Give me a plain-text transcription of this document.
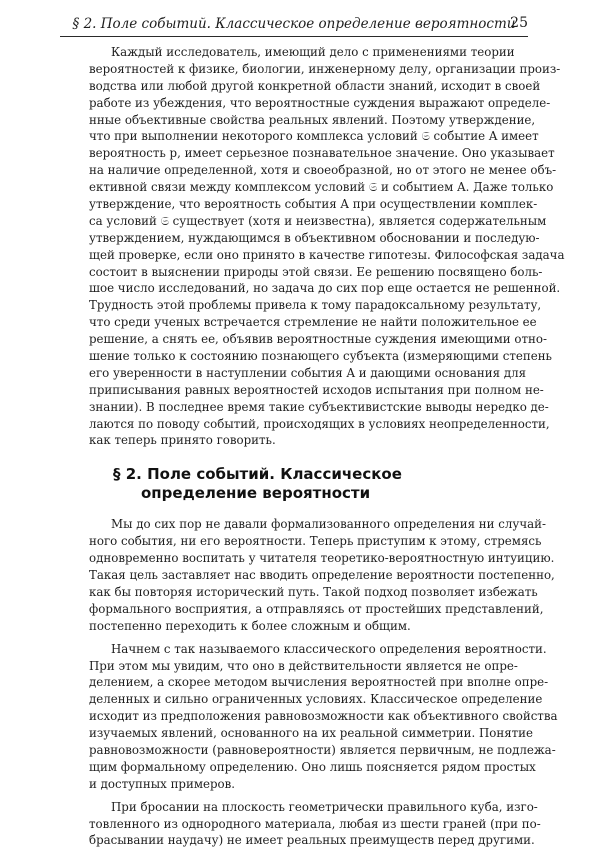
§ 2. Поле событий. Классическое определение вероятности
25

Каждый исследователь, имеющий дело с применениями теории
вероятностей к физике, биологии, инженерному делу, организации произ-
водства или любой другой конкретной области знаний, исходит в своей
работе из убеждения, что вероятностные суждения выражают определе-
нные объективные свойства реальных явлений. Поэтому утверждение,
что при выполнении некоторого комплекса условий 𝔖 событие A имеет
вероятность p, имеет серьезное познавательное значение. Оно указывает
на наличие определенной, хотя и своеобразной, но от этого не менее объ-
ективной связи между комплексом условий 𝔖 и событием A. Даже только
утверждение, что вероятность события A при осуществлении комплек-
са условий 𝔖 существует (хотя и неизвестна), является содержательным
утверждением, нуждающимся в объективном обосновании и последую-
щей проверке, если оно принято в качестве гипотезы. Философская задача
состоит в выяснении природы этой связи. Ее решению посвящено боль-
шое число исследований, но задача до сих пор еще остается не решенной.
Трудность этой проблемы привела к тому парадоксальному результату,
что среди ученых встречается стремление не найти положительное ее
решение, а снять ее, объявив вероятностные суждения имеющими отно-
шение только к состоянию познающего субъекта (измеряющими степень
его уверенности в наступлении события A и дающими основания для
приписывания равных вероятностей исходов испытания при полном не-
знании). В последнее время такие субъективистские выводы нередко де-
лаются по поводу событий, происходящих в условиях неопределенности,
как теперь принято говорить.

§ 2. Поле событий. Классическое
определение вероятности

Мы до сих пор не давали формализованного определения ни случай-
ного события, ни его вероятности. Теперь приступим к этому, стремясь
одновременно воспитать у читателя теоретико-вероятностную интуицию.
Такая цель заставляет нас вводить определение вероятности постепенно,
как бы повторяя исторический путь. Такой подход позволяет избежать
формального восприятия, а отправляясь от простейших представлений,
постепенно переходить к более сложным и общим.

Начнем с так называемого классического определения вероятности.
При этом мы увидим, что оно в действительности является не опре-
делением, а скорее методом вычисления вероятностей при вполне опре-
деленных и сильно ограниченных условиях. Классическое определение
исходит из предположения равновозможности как объективного свойства
изучаемых явлений, основанного на их реальной симметрии. Понятие
равновозможности (равновероятности) является первичным, не подлежа-
щим формальному определению. Оно лишь поясняется рядом простых
и доступных примеров.

При бросании на плоскость геометрически правильного куба, изго-
товленного из однородного материала, любая из шести граней (при по-
брасывании наудачу) не имеет реальных преимуществ перед другими.
